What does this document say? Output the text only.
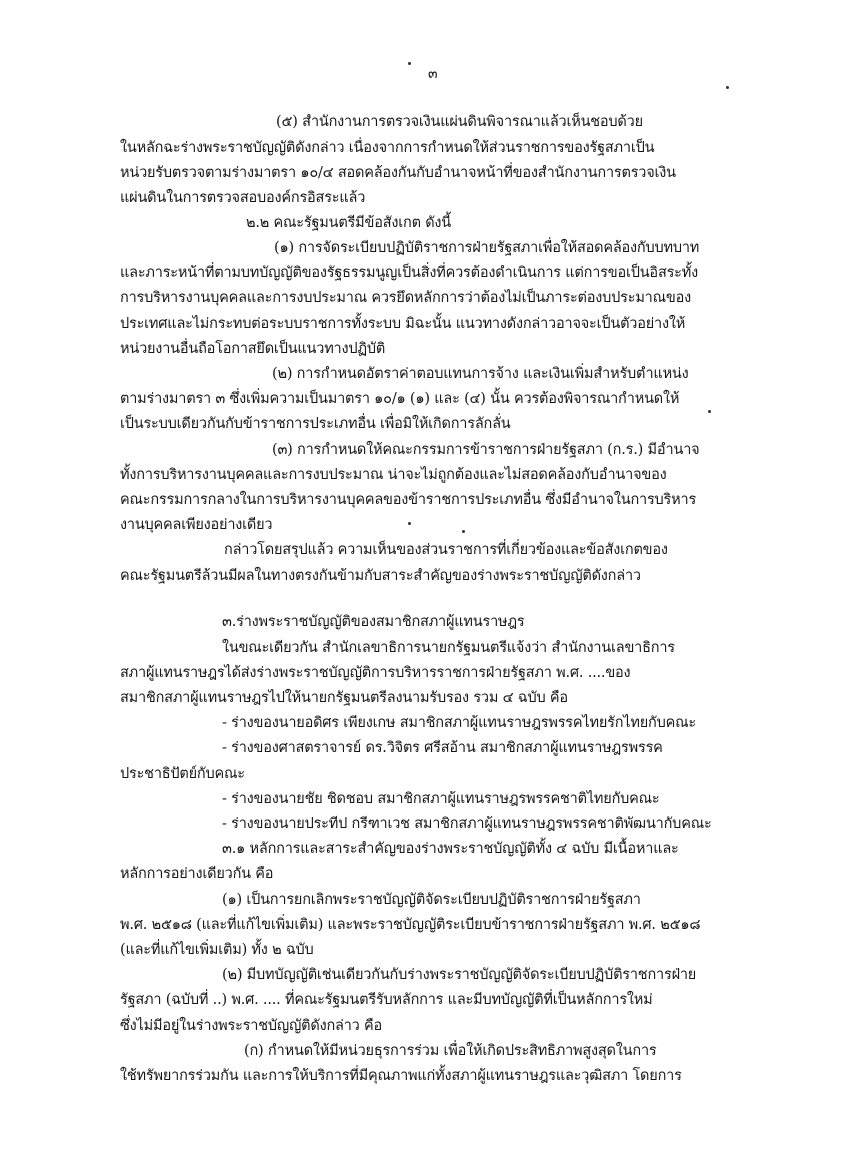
๓
(๕) สำนักงานการตรวจเงินแผ่นดินพิจารณาแล้วเห็นชอบด้วย
ในหลักฉะร่างพระราชบัญญัติดังกล่าว เนื่องจากการกำหนดให้ส่วนราชการของรัฐสภาเป็น
หน่วยรับตรวจตามร่างมาตรา ๑๐/๔ สอดคล้องกันกับอำนาจหน้าที่ของสำนักงานการตรวจเงิน
แผ่นดินในการตรวจสอบองค์กรอิสระแล้ว
๒.๒ คณะรัฐมนตรีมีข้อสังเกต ดังนี้
(๑) การจัดระเบียบปฏิบัติราชการฝ่ายรัฐสภาเพื่อให้สอดคล้องกับบทบาท
และภาระหน้าที่ตามบทบัญญัติของรัฐธรรมนูญเป็นสิ่งที่ควรต้องดำเนินการ แต่การขอเป็นอิสระทั้ง
การบริหารงานบุคคลและการงบประมาณ ควรยึดหลักการว่าต้องไม่เป็นภาระต่องบประมาณของ
ประเทศและไม่กระทบต่อระบบราชการทั้งระบบ มิฉะนั้น แนวทางดังกล่าวอาจจะเป็นตัวอย่างให้
หน่วยงานอื่นถือโอกาสยึดเป็นแนวทางปฏิบัติ
(๒) การกำหนดอัตราค่าตอบแทนการจ้าง และเงินเพิ่มสำหรับตำแหน่ง
ตามร่างมาตรา ๓ ซึ่งเพิ่มความเป็นมาตรา ๑๐/๑ (๑) และ (๔) นั้น ควรต้องพิจารณากำหนดให้
เป็นระบบเดียวกันกับข้าราชการประเภทอื่น เพื่อมิให้เกิดการลักลั่น
(๓) การกำหนดให้คณะกรรมการข้าราชการฝ่ายรัฐสภา (ก.ร.) มีอำนาจ
ทั้งการบริหารงานบุคคลและการงบประมาณ น่าจะไม่ถูกต้องและไม่สอดคล้องกับอำนาจของ
คณะกรรมการกลางในการบริหารงานบุคคลของข้าราชการประเภทอื่น ซึ่งมีอำนาจในการบริหาร
งานบุคคลเพียงอย่างเดียว
กล่าวโดยสรุปแล้ว ความเห็นของส่วนราชการที่เกี่ยวข้องและข้อสังเกตของ
คณะรัฐมนตรีล้วนมีผลในทางตรงกันข้ามกับสาระสำคัญของร่างพระราชบัญญัติดังกล่าว
๓.ร่างพระราชบัญญัติของสมาชิกสภาผู้แทนราษฎร
ในขณะเดียวกัน สำนักเลขาธิการนายกรัฐมนตรีแจ้งว่า สำนักงานเลขาธิการ
สภาผู้แทนราษฎรได้ส่งร่างพระราชบัญญัติการบริหารราชการฝ่ายรัฐสภา พ.ศ. ....ของ
สมาชิกสภาผู้แทนราษฎรไปให้นายกรัฐมนตรีลงนามรับรอง รวม ๔ ฉบับ คือ
- ร่างของนายอดิศร เพียงเกษ สมาชิกสภาผู้แทนราษฎรพรรคไทยรักไทยกับคณะ
- ร่างของศาสตราจารย์ ดร.วิจิตร ศรีสอ้าน สมาชิกสภาผู้แทนราษฎรพรรค
ประชาธิปัตย์กับคณะ
- ร่างของนายชัย ชิดชอบ สมาชิกสภาผู้แทนราษฎรพรรคชาติไทยกับคณะ
- ร่างของนายประทีป กรีฑาเวช สมาชิกสภาผู้แทนราษฎรพรรคชาติพัฒนากับคณะ
๓.๑ หลักการและสาระสำคัญของร่างพระราชบัญญัติทั้ง ๔ ฉบับ มีเนื้อหาและ
หลักการอย่างเดียวกัน คือ
(๑) เป็นการยกเลิกพระราชบัญญัติจัดระเบียบปฏิบัติราชการฝ่ายรัฐสภา
พ.ศ. ๒๕๑๘ (และที่แก้ไขเพิ่มเติม) และพระราชบัญญัติระเบียบข้าราชการฝ่ายรัฐสภา พ.ศ. ๒๕๑๘
(และที่แก้ไขเพิ่มเติม) ทั้ง ๒ ฉบับ
(๒) มีบทบัญญัติเช่นเดียวกันกับร่างพระราชบัญญัติจัดระเบียบปฏิบัติราชการฝ่าย
รัฐสภา (ฉบับที่ ..) พ.ศ. .... ที่คณะรัฐมนตรีรับหลักการ และมีบทบัญญัติที่เป็นหลักการใหม่
ซึ่งไม่มีอยู่ในร่างพระราชบัญญัติดังกล่าว คือ
(ก) กำหนดให้มีหน่วยธุรการร่วม เพื่อให้เกิดประสิทธิภาพสูงสุดในการ
ใช้ทรัพยากรร่วมกัน และการให้บริการที่มีคุณภาพแก่ทั้งสภาผู้แทนราษฎรและวุฒิสภา โดยการ
